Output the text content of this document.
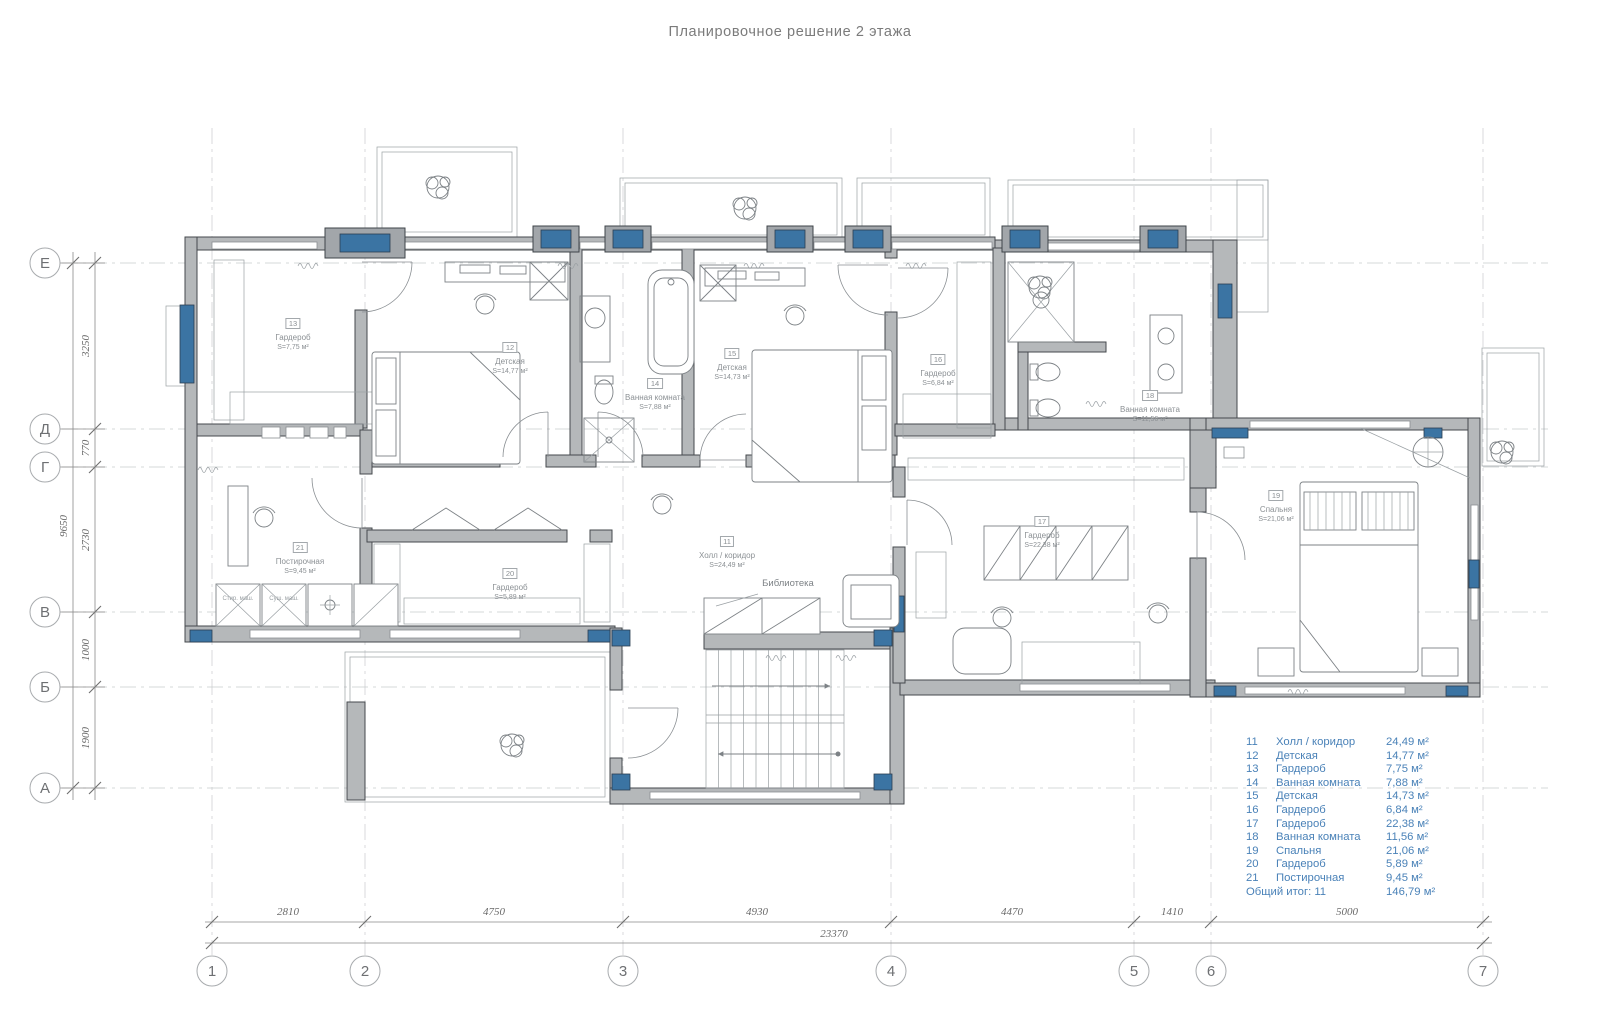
2810	4750	4930	4470	1410	5000
23370
3250
770
2730
1000
1900
9650
1	2	3	4	5	6	7
Е
Д
Г
В
Б
А
Планировочное решение 2 этажа
11
Холл / коридор
S=24,49 м²
12
Детская
S=14,77 м²
13
Гардероб
S=7,75 м²
14
Ванная комната
S=7,88 м²
15
Детская
S=14,73 м²
16
Гардероб
S=6,84 м²
17
Гардероб
S=22,38 м²
18
Ванная комната
S=11,56 м²
19
Спальня
S=21,06 м²
20
Гардероб
S=5,89 м²
21
Постирочная
S=9,45 м²
Библиотека
Стир. маш.	Суш. маш.
11	Холл / коридор	24,49 м²
12	Детская	14,77 м²
13	Гардероб	7,75 м²
14	Ванная комната	7,88 м²
15	Детская	14,73 м²
16	Гардероб	6,84 м²
17	Гардероб	22,38 м²
18	Ванная комната	11,56 м²
19	Спальня	21,06 м²
20	Гардероб	5,89 м²
21	Постирочная	9,45 м²
Общий итог: 11		146,79 м²
